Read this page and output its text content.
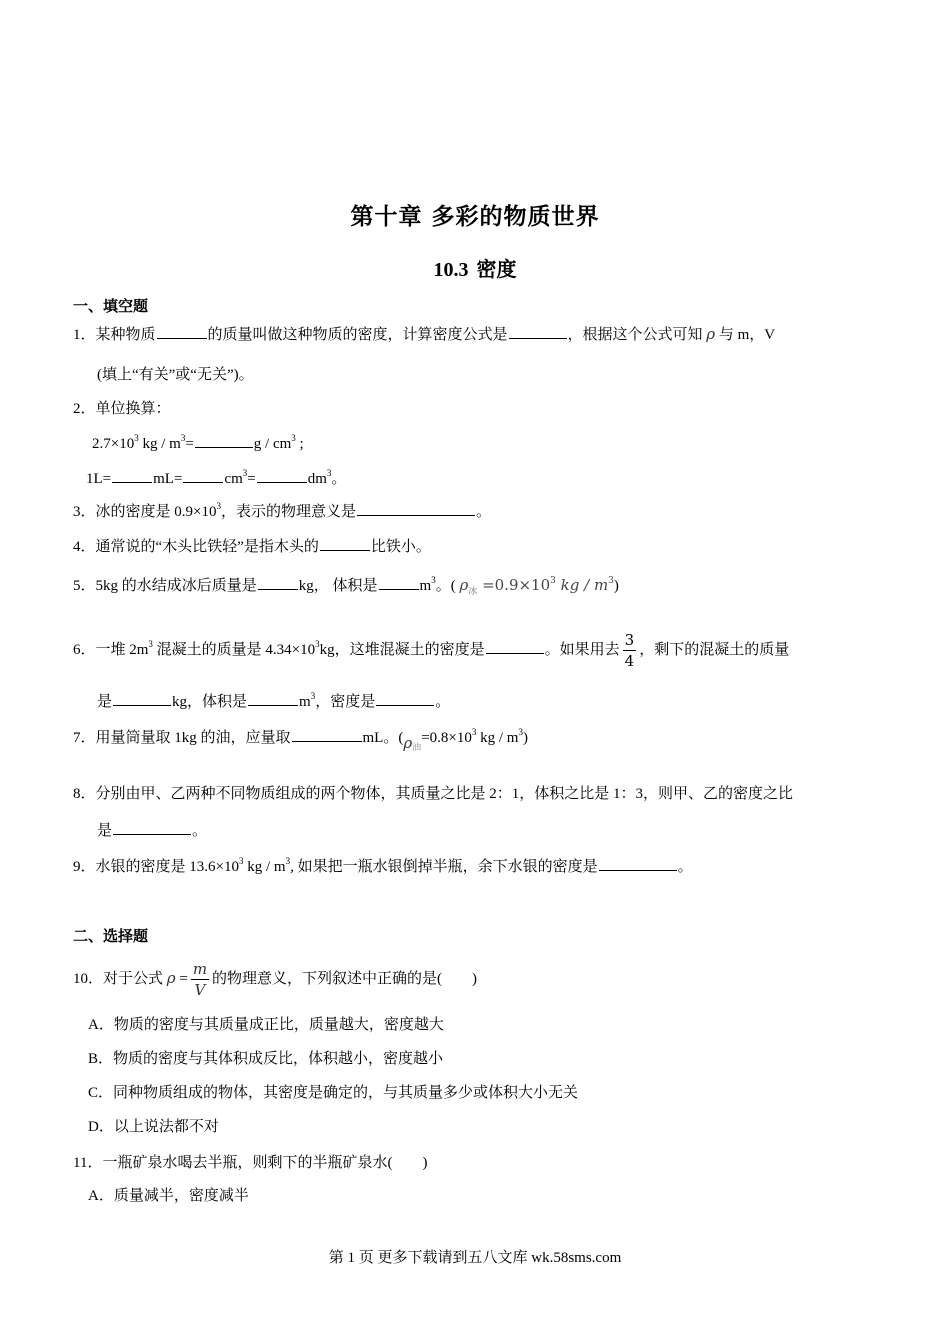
第十章 多彩的物质世界
10.3 密度
一、填空题
1．某种物质	的质量叫做这种物质的密度，计算密度公式是	，根据这个公式可知 ρ 与 m，V
(填上“有关”或“无关”)。
2．单位换算：
$2.7\times 10^3$ kg / $m^3=$	g / $cm^3$ ;
1L=	mL=	$cm^3=$	$dm^3$。
3．冰的密度是 $0.9\times 10^3$，表示的物理意义是	。
4．通常说的“木头比铁轻”是指木头的	比铁小。
5．5kg 的水结成冰后质量是	kg， 体积是	$m^3$。( $\rho_冰 =0.9\times 10^3$ kg / $m^3$)
6．一堆 $2m^3$ 混凝土的质量是 $4.34\times 10^3kg$，这堆混凝土的密度是	。如果用去 $\frac{3}{4}$ ，剩下的混凝土的质量
是	kg，体积是	$m^3$，密度是	。
7．用量筒量取 1kg 的油，应量取	mL。($\rho_油=0.8\times 10^3$ kg / $m^3$)
8．分别由甲、乙两种不同物质组成的两个物体，其质量之比是 2：1，体积之比是 1：3，则甲、乙的密度之比
是	。
9．水银的密度是 $13.6\times 10^3$ kg / $m^3$, 如果把一瓶水银倒掉半瓶，余下水银的密度是	。
二、选择题
10．对于公式 $\rho = \frac{m}{V}$ 的物理意义，下列叙述中正确的是(　　)
A．物质的密度与其质量成正比，质量越大，密度越大
B．物质的密度与其体积成反比，体积越小，密度越小
C．同种物质组成的物体，其密度是确定的，与其质量多少或体积大小无关
D．以上说法都不对
11．一瓶矿泉水喝去半瓶，则剩下的半瓶矿泉水(　　)
A．质量减半，密度减半
第 1 页 更多下载请到五八文库 wk.58sms.com
